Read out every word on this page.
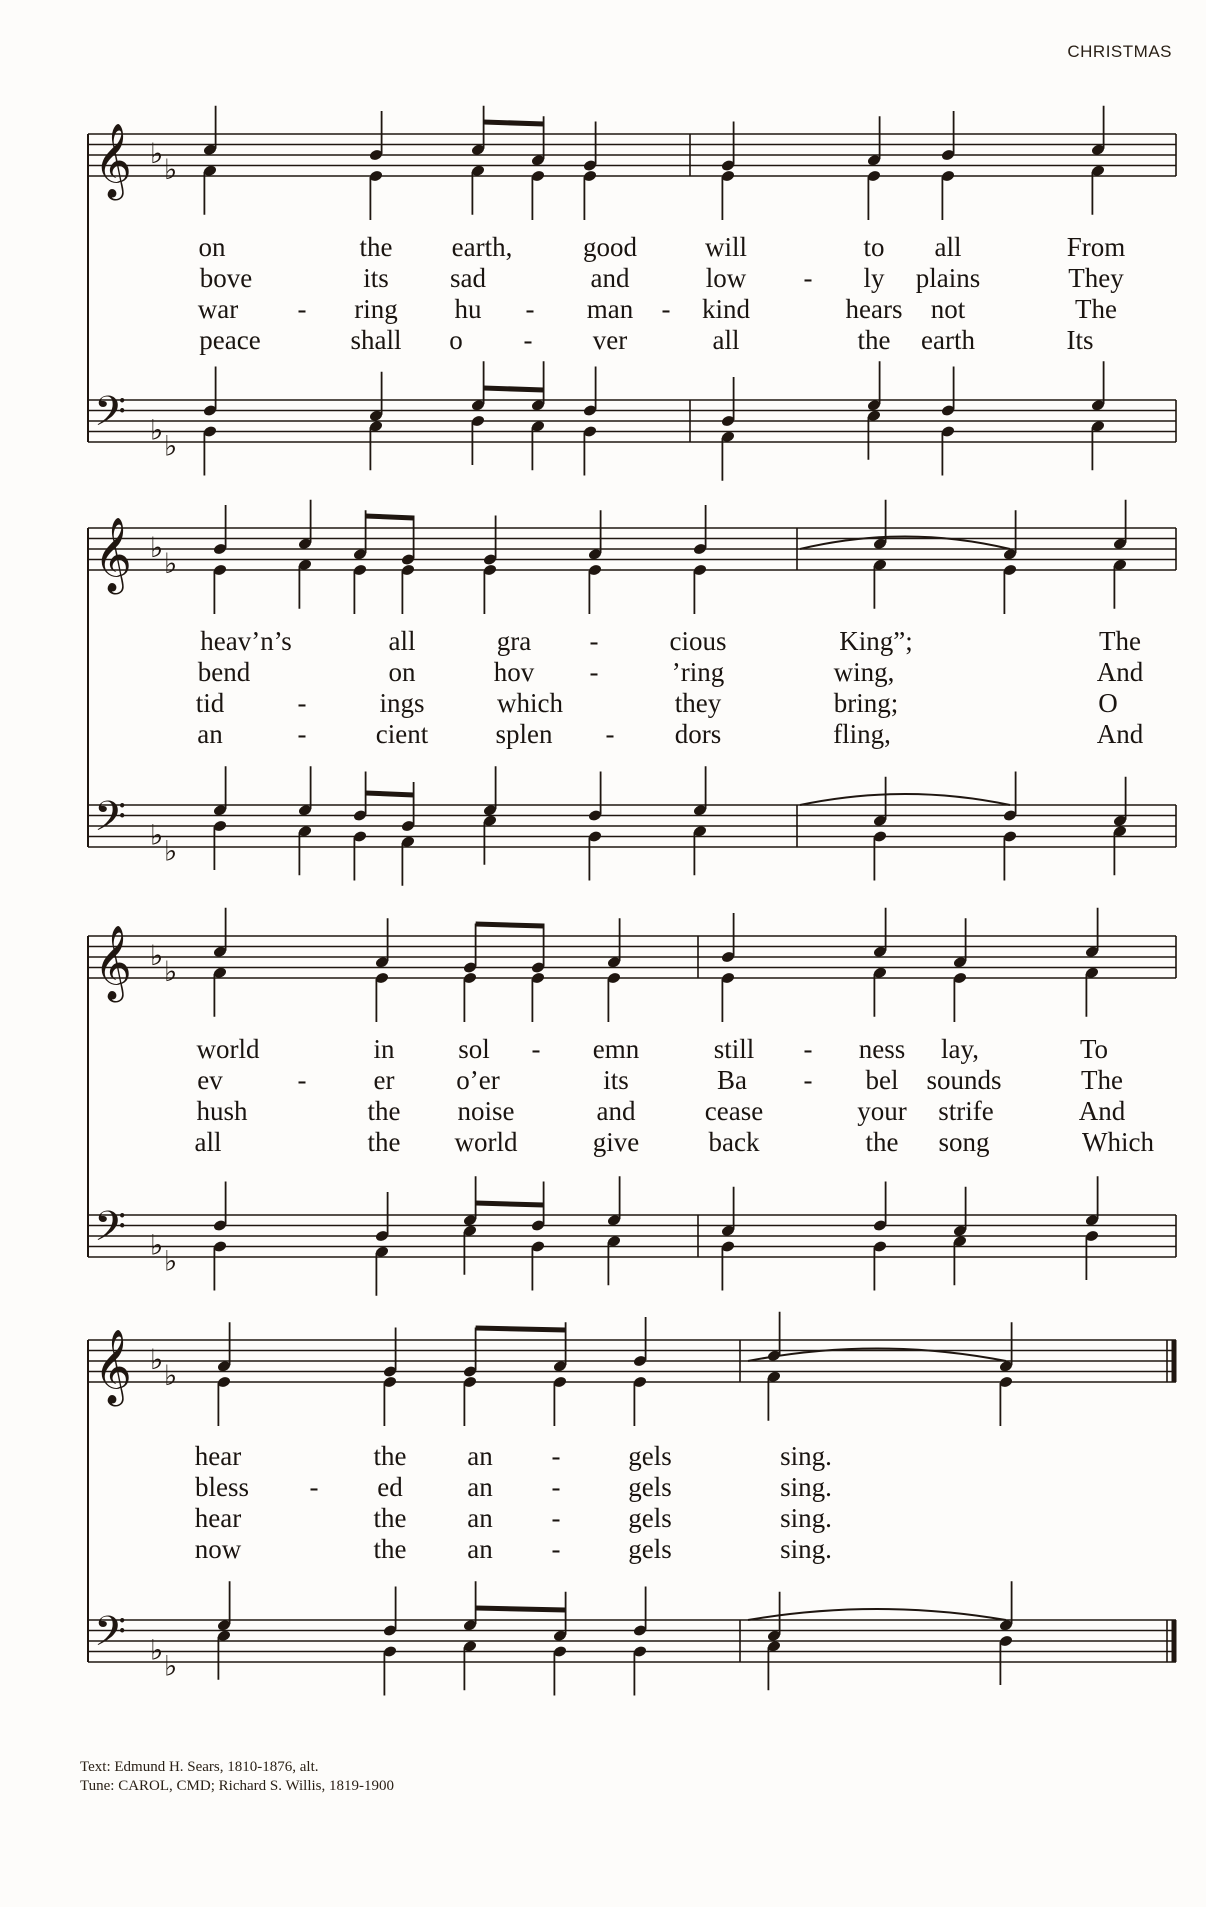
CHRISTMAS
𝄞
𝄢
♭ ♭
♭ ♭
𝄞
𝄢
♭ ♭
♭ ♭
𝄞
𝄢
♭ ♭
♭ ♭
𝄞
𝄢
♭ ♭
♭ ♭
on	the earth,	good	will	to all	From
bove	its sad	and	low - ly plains	They
war - ring hu - man - kind	hears not	The
peace	shall o - ver	all	the earth	Its
heav’n’s	all	gra -	cious	King”;	The
bend	on	hov -	’ring	wing,	And
tid	-	ings	which	they	bring;	O
an	-	cient splen - dors	fling,	And
world	in sol - emn	still - ness lay,	To
ev	- er o’er	its	Ba - bel sounds	The
hush	the noise	and	cease	your strife	And
all	the world	give	back	the song	Which
hear	the an -	gels	sing.
bless - ed an -	gels	sing.
hear	the an -	gels	sing.
now	the an -	gels	sing.
Text: Edmund H. Sears, 1810-1876, alt.
Tune: CAROL, CMD; Richard S. Willis, 1819-1900
